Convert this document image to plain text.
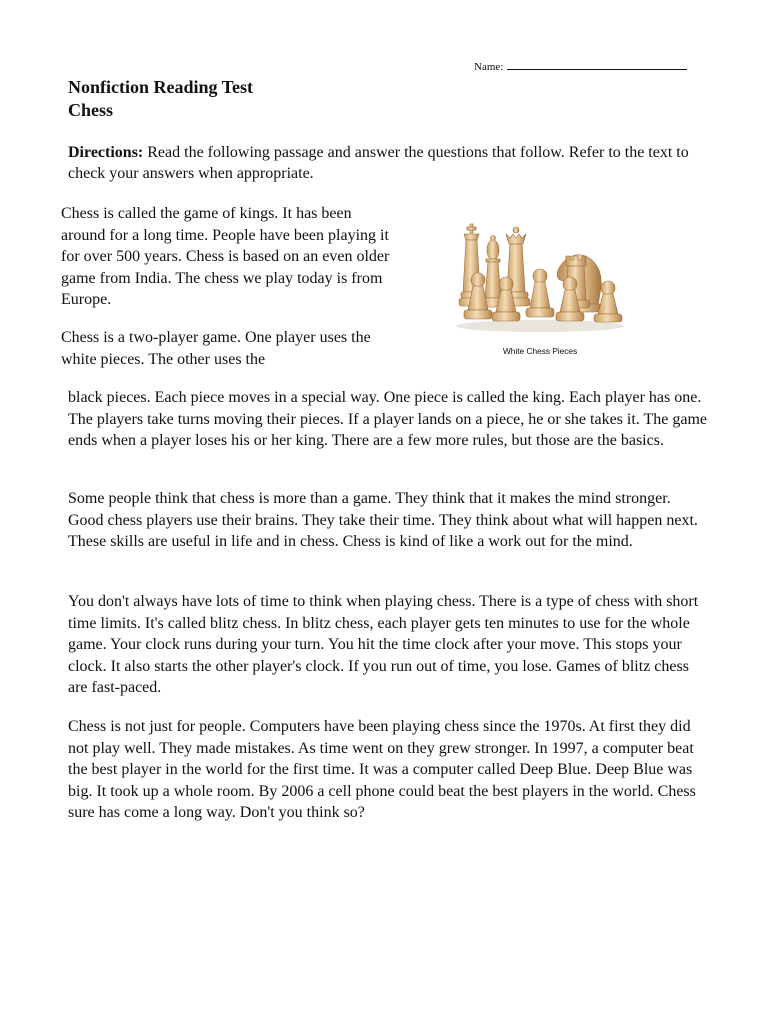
Name:
Nonfiction Reading Test
Chess

Directions: Read the following passage and answer the questions that follow. Refer to the text to check your answers when appropriate.

Chess is called the game of kings. It has been around for a long time. People have been playing it for over 500 years. Chess is based on an even older game from India. The chess we play today is from Europe.

Chess is a two-player game. One player uses the white pieces. The other uses the	White Chess Pieces

black pieces. Each piece moves in a special way. One piece is called the king. Each player has one. The players take turns moving their pieces. If a player lands on a piece, he or she takes it. The game ends when a player loses his or her king. There are a few more rules, but those are the basics.

Some people think that chess is more than a game. They think that it makes the mind stronger. Good chess players use their brains. They take their time. They think about what will happen next. These skills are useful in life and in chess. Chess is kind of like a work out for the mind.

You don't always have lots of time to think when playing chess. There is a type of chess with short time limits. It's called blitz chess. In blitz chess, each player gets ten minutes to use for the whole game. Your clock runs during your turn. You hit the time clock after your move. This stops your clock. It also starts the other player's clock. If you run out of time, you lose. Games of blitz chess are fast-paced.

Chess is not just for people. Computers have been playing chess since the 1970s. At first they did not play well. They made mistakes. As time went on they grew stronger. In 1997, a computer beat the best player in the world for the first time. It was a computer called Deep Blue. Deep Blue was big. It took up a whole room. By 2006 a cell phone could beat the best players in the world. Chess sure has come a long way. Don't you think so?
